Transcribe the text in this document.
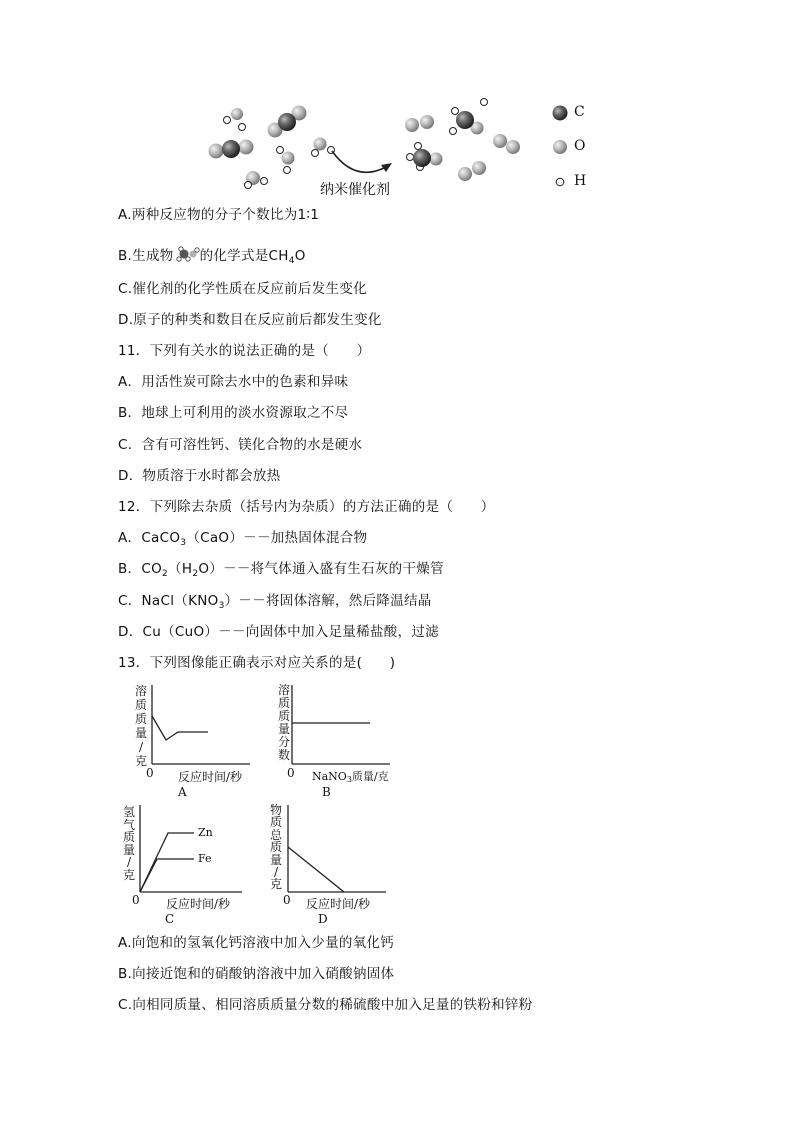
C
O
H
纳米催化剂
A.两种反应物的分子个数比为1∶1
B.生成物 的化学式是$CH_4O$
C.催化剂的化学性质在反应前后发生变化
D.原子的种类和数目在反应前后都发生变化
11．下列有关水的说法正确的是（　　）
A．用活性炭可除去水中的色素和异味
B．地球上可利用的淡水资源取之不尽
C．含有可溶性钙、镁化合物的水是硬水
D．物质溶于水时都会放热
12．下列除去杂质（括号内为杂质）的方法正确的是（　　）
A．CaCO$_3$（CaO）－－加热固体混合物
B．$CO_2(H_2O)--$将气体通入盛有生石灰的干燥管
C．$NaCl(KNO_3)--$将固体溶解，然后降温结晶
D．Cu（CuO）－－向固体中加入足量稀盐酸，过滤
13．下列图像能正确表示对应关系的是(　　)
溶
质
质
量
/
克
0 反应时间/秒
A
溶
质
质
量
分
数
0 NaNO3质量/克
B
氢
气
质
量
/
克
Zn
Fe
0 反应时间/秒
C
物
质
总
质
量
/
克
0 反应时间/秒
D
A.向饱和的氢氧化钙溶液中加入少量的氧化钙
B.向接近饱和的硝酸钠溶液中加入硝酸钠固体
C.向相同质量、相同溶质质量分数的稀硫酸中加入足量的铁粉和锌粉
